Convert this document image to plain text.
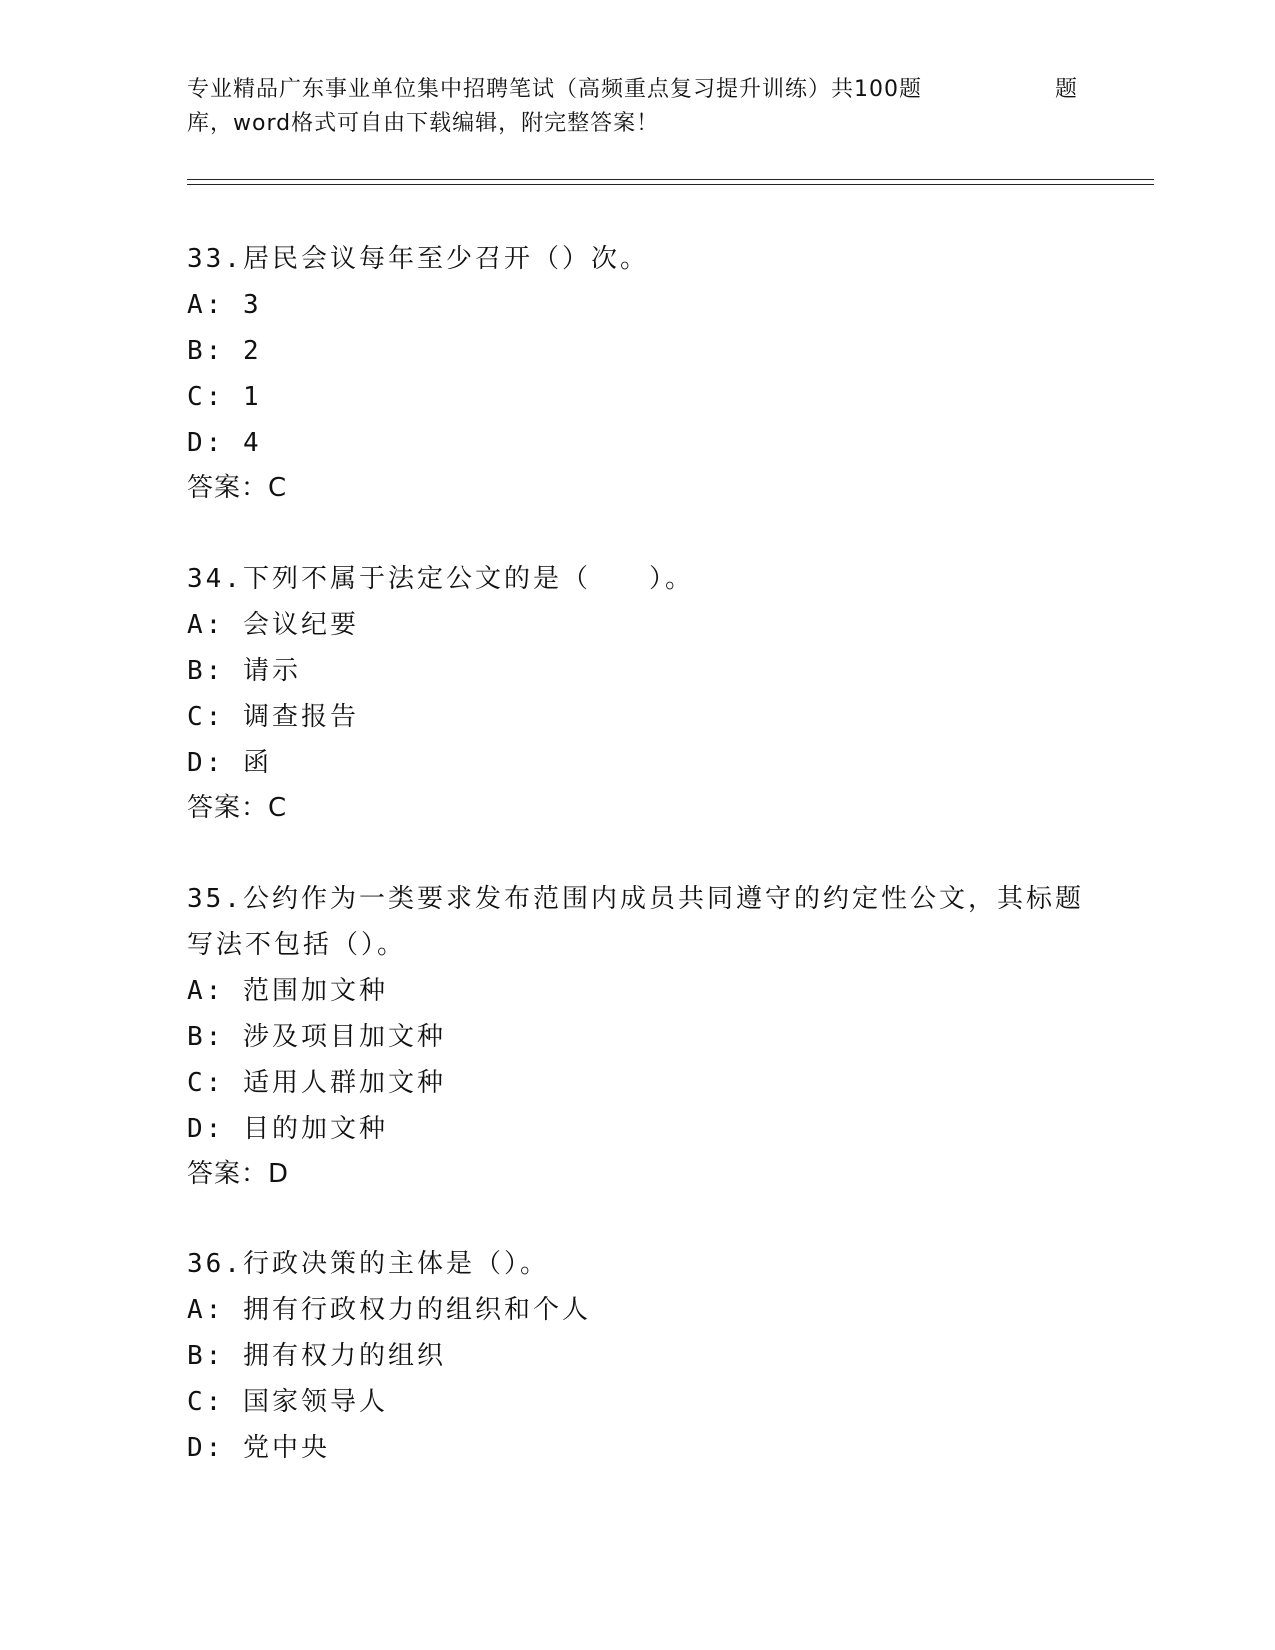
专业精品广东事业单位集中招聘笔试（高频重点复习提升训练）共100题	题
库，word格式可自由下载编辑，附完整答案！
33.居民会议每年至少召开（）次。
A: 3
B: 2
C: 1
D: 4
答案：C
34.下列不属于法定公文的是（　　）。
A: 会议纪要
B: 请示
C: 调查报告
D: 函
答案：C
35.公约作为一类要求发布范围内成员共同遵守的约定性公文，其标题写法不包括（）。
A: 范围加文种
B: 涉及项目加文种
C: 适用人群加文种
D: 目的加文种
答案：D
36.行政决策的主体是（）。
A: 拥有行政权力的组织和个人
B: 拥有权力的组织
C: 国家领导人
D: 党中央
